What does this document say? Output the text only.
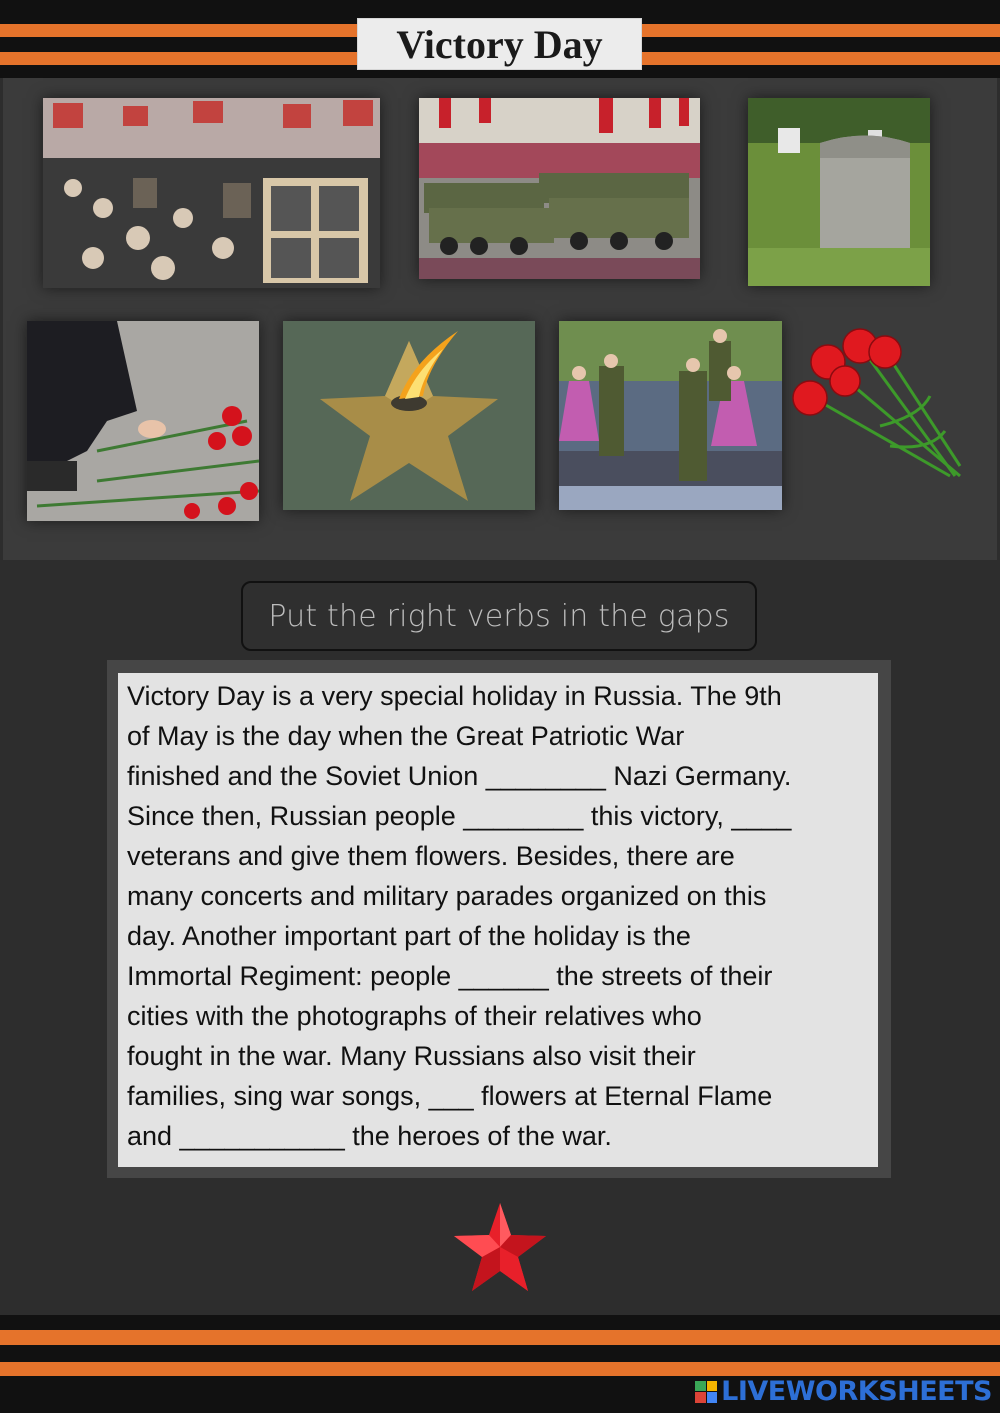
Victory Day
Put the right verbs in the gaps
Victory Day is a very special holiday in Russia. The 9th
of May is the day when the Great Patriotic War
finished and the Soviet Union ________ Nazi Germany.
Since then, Russian people ________ this victory, ____
veterans and give them flowers. Besides, there are
many concerts and military parades organized on this
day. Another important part of the holiday is the
Immortal Regiment: people ______ the streets of their
cities with the photographs of their relatives who
fought in the war. Many Russians also visit their
families, sing war songs, ___ flowers at Eternal Flame
and ___________ the heroes of the war.
LIVEWORKSHEETS
